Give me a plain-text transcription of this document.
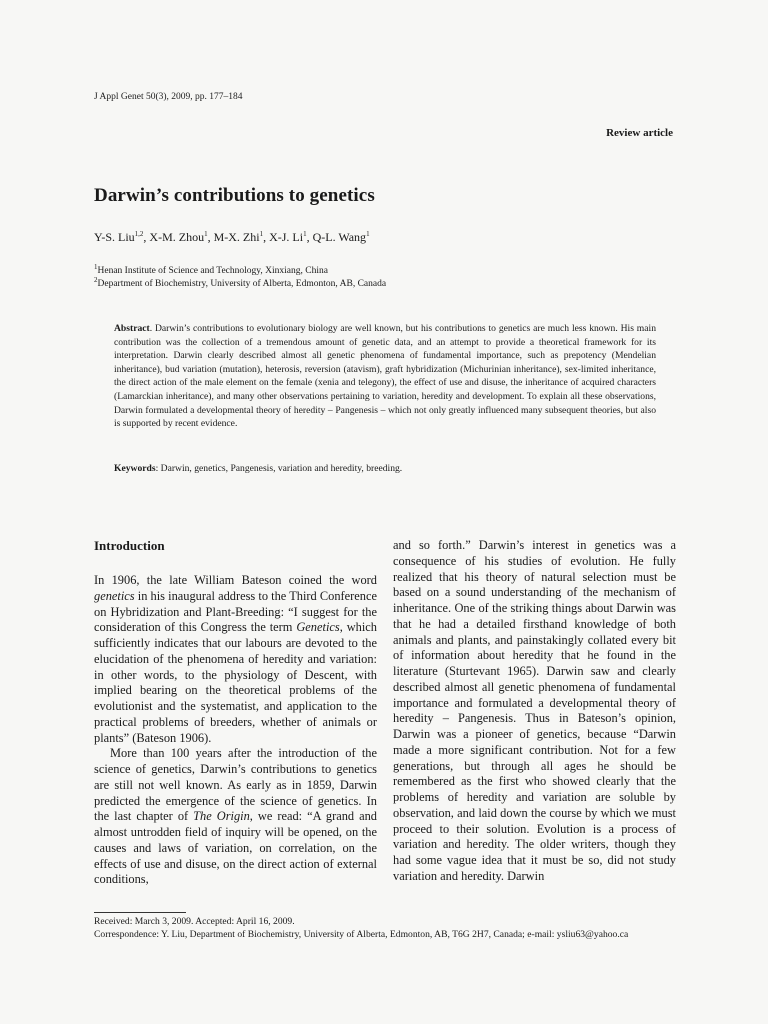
J Appl Genet 50(3), 2009, pp. 177–184
Review article
Darwin’s contributions to genetics
Y-S. Liu$^{1,2}$, X-M. Zhou$^1$, M-X. Zhi$^1$, X-J. Li$^1$, Q-L. Wang$^1$
$^1$Henan Institute of Science and Technology, Xinxiang, China
$^2$Department of Biochemistry, University of Alberta, Edmonton, AB, Canada
Abstract. Darwin’s contributions to evolutionary biology are well known, but his contributions to genetics are much less known. His main contribution was the collection of a tremendous amount of genetic data, and an attempt to provide a theoretical framework for its interpretation. Darwin clearly described almost all genetic phenomena of fundamental importance, such as prepotency (Mendelian inheritance), bud variation (mutation), heterosis, reversion (atavism), graft hybridization (Michurinian inheritance), sex-limited inheritance, the direct action of the male element on the female (xenia and telegony), the effect of use and disuse, the inheritance of acquired characters (Lamarckian inheritance), and many other observations pertaining to variation, heredity and development. To explain all these observations, Darwin formulated a developmental theory of heredity – Pangenesis – which not only greatly influenced many subsequent theories, but also is supported by recent evidence.
Keywords: Darwin, genetics, Pangenesis, variation and heredity, breeding.
Introduction

In 1906, the late William Bateson coined the word genetics in his inaugural address to the Third Conference on Hybridization and Plant-Breeding: “I suggest for the consideration of this Congress the term Genetics, which sufficiently indicates that our labours are devoted to the elucidation of the phenomena of heredity and variation: in other words, to the physiology of Descent, with implied bearing on the theoretical problems of the evolutionist and the systematist, and application to the practical problems of breeders, whether of animals or plants” (Bateson 1906).

More than 100 years after the introduction of the science of genetics, Darwin’s contributions to genetics are still not well known. As early as in 1859, Darwin predicted the emergence of the science of genetics. In the last chapter of The Origin, we read: “A grand and almost untrodden field of inquiry will be opened, on the causes and laws of variation, on correlation, on the effects of use and disuse, on the direct action of external conditions,

and so forth.” Darwin’s interest in genetics was a consequence of his studies of evolution. He fully realized that his theory of natural selection must be based on a sound understanding of the mechanism of inheritance. One of the striking things about Darwin was that he had a detailed firsthand knowledge of both animals and plants, and painstakingly collated every bit of information about heredity that he found in the literature (Sturtevant 1965). Darwin saw and clearly described almost all genetic phenomena of fundamental importance and formulated a developmental theory of heredity – Pangenesis. Thus in Bateson’s opinion, Darwin was a pioneer of genetics, because “Darwin made a more significant contribution. Not for a few generations, but through all ages he should be remembered as the first who showed clearly that the problems of heredity and variation are soluble by observation, and laid down the course by which we must proceed to their solution. Evolution is a process of variation and heredity. The older writers, though they had some vague idea that it must be so, did not study variation and heredity. Darwin

Received: March 3, 2009. Accepted: April 16, 2009.

Correspondence: Y. Liu, Department of Biochemistry, University of Alberta, Edmonton, AB, T6G 2H7, Canada; e-mail: ysliu63@yahoo.ca
